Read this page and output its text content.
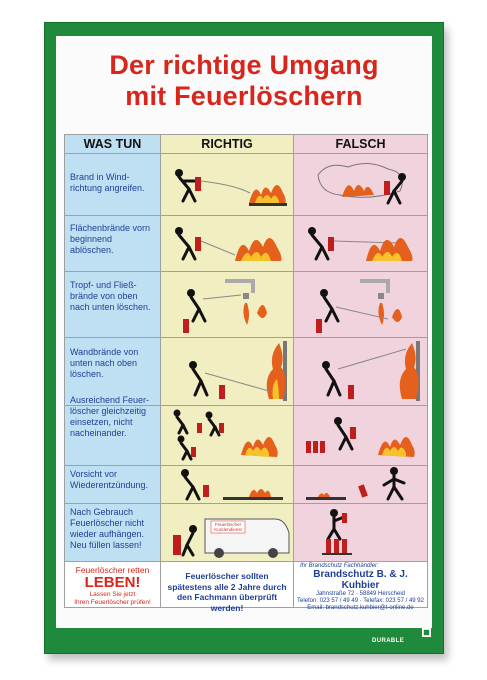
Der richtige Umgang
mit Feuerlöschern
WAS TUN	RICHTIG	FALSCH
Brand in Wind-richtung angreifen.
Flächenbrände vorn beginnend ablöschen.
Tropf- und Fließ-brände von oben nach unten löschen.
Wandbrände von unten nach oben löschen.
Ausreichend Feuer-löscher gleichzeitig einsetzen, nicht nacheinander.
Vorsicht vor Wiederentzündung.
Nach Gebrauch Feuerlöscher nicht wieder aufhängen. Neu füllen lassen!
Feuerlöscher
Kundendienst
Feuerlöscher retten
LEBEN!
Lassen Sie jetzt
Ihren Feuerlöscher prüfen!
Feuerlöscher sollten spätestens alle 2 Jahre durch den Fachmann überprüft werden!
Ihr Brandschutz Fachhändler:
Brandschutz B. & J. Kuhbier
Jahnstraße 72 · 58849 Herscheid
Telefon: 023 57 / 49 49 · Telefax: 023 57 / 49 92
Email: brandschutz.kuhbier@t-online.de
DURABLE
